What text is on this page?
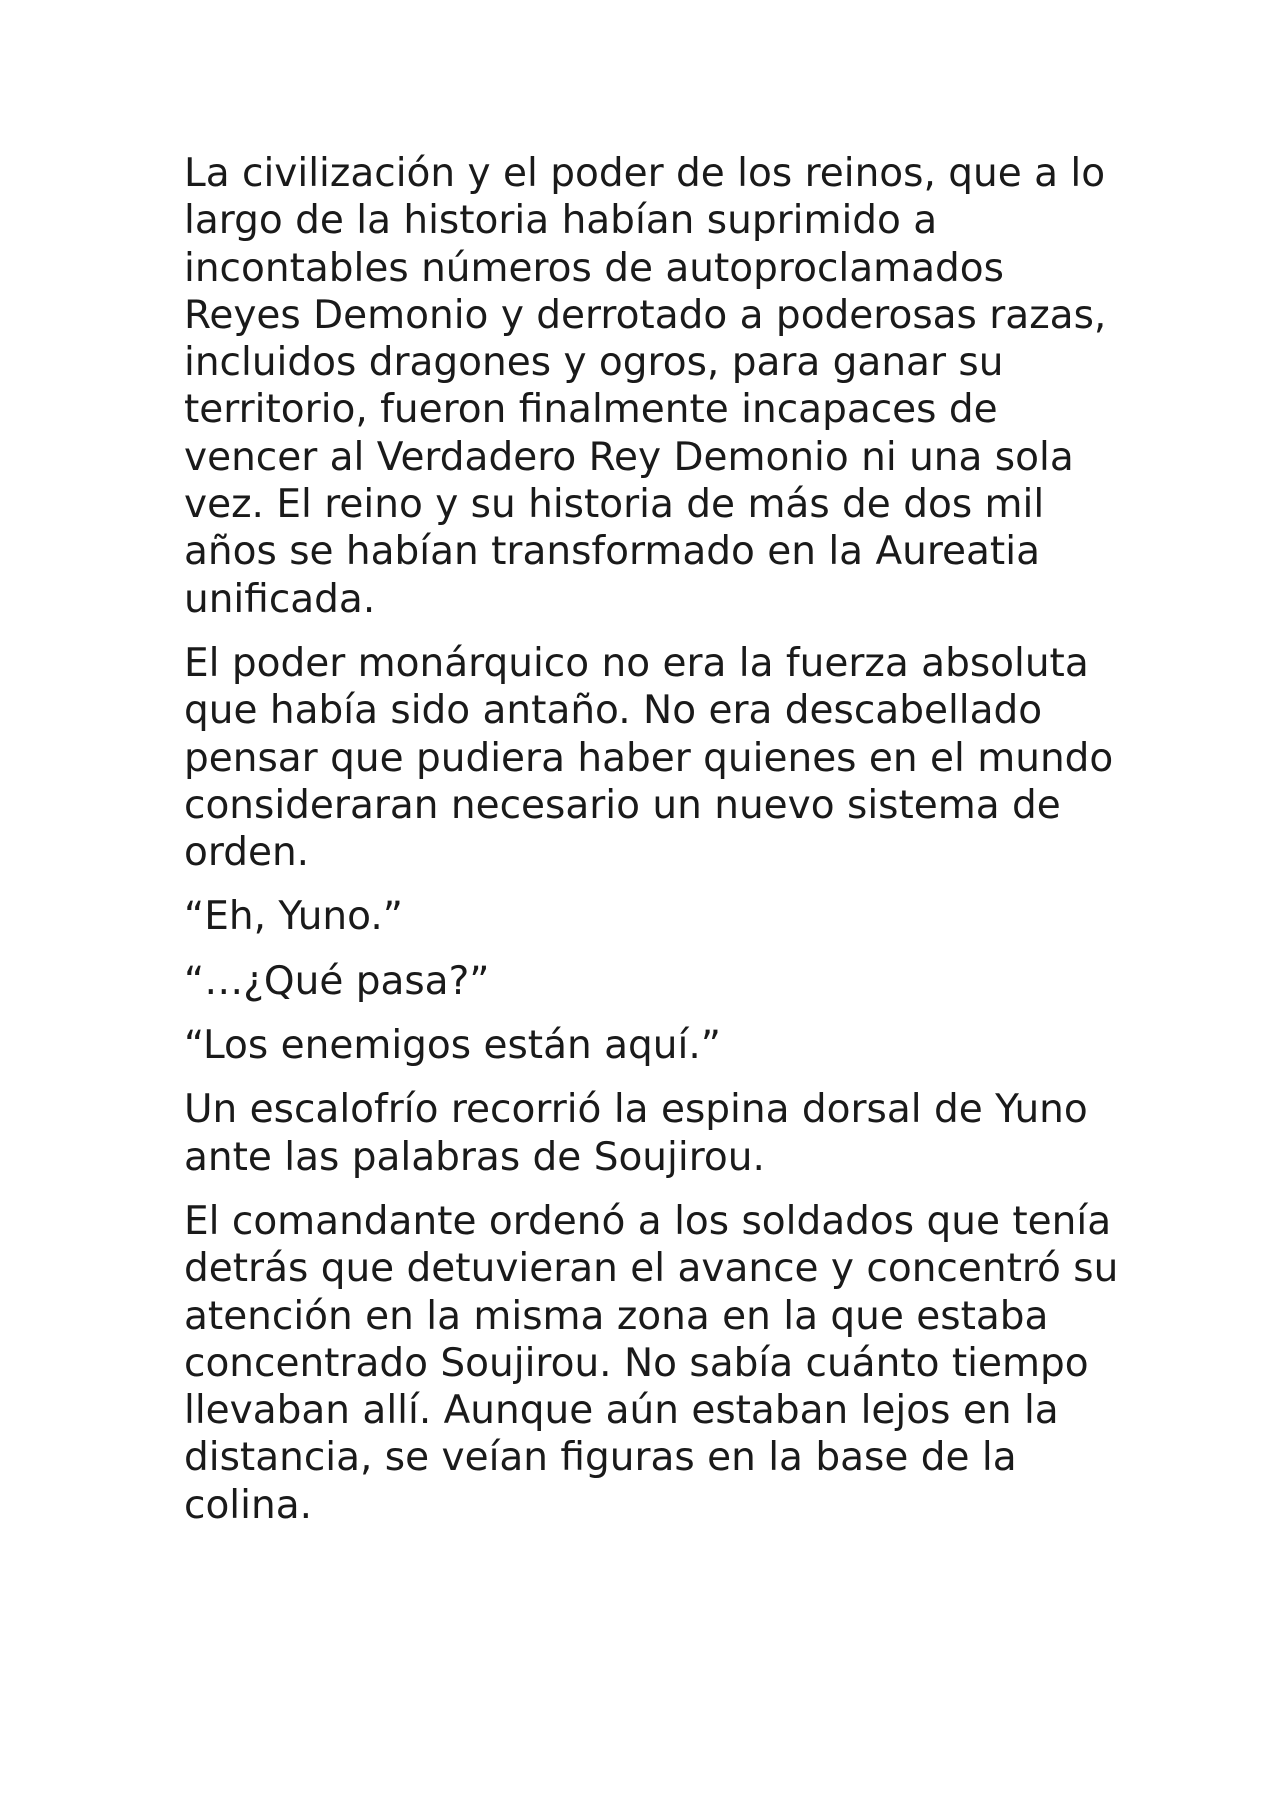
La civilización y el poder de los reinos, que a lo largo de la historia habían suprimido a incontables números de autoproclamados Reyes Demonio y derrotado a poderosas razas, incluidos dragones y ogros, para ganar su territorio, fueron finalmente incapaces de vencer al Verdadero Rey Demonio ni una sola vez. El reino y su historia de más de dos mil años se habían transformado en la Aureatia unificada.

El poder monárquico no era la fuerza absoluta que había sido antaño. No era descabellado pensar que pudiera haber quienes en el mundo consideraran necesario un nuevo sistema de orden.

“Eh, Yuno.”

“…¿Qué pasa?”

“Los enemigos están aquí.”

Un escalofrío recorrió la espina dorsal de Yuno ante las palabras de Soujirou.

El comandante ordenó a los soldados que tenía detrás que detuvieran el avance y concentró su atención en la misma zona en la que estaba concentrado Soujirou. No sabía cuánto tiempo llevaban allí. Aunque aún estaban lejos en la distancia, se veían figuras en la base de la colina.
